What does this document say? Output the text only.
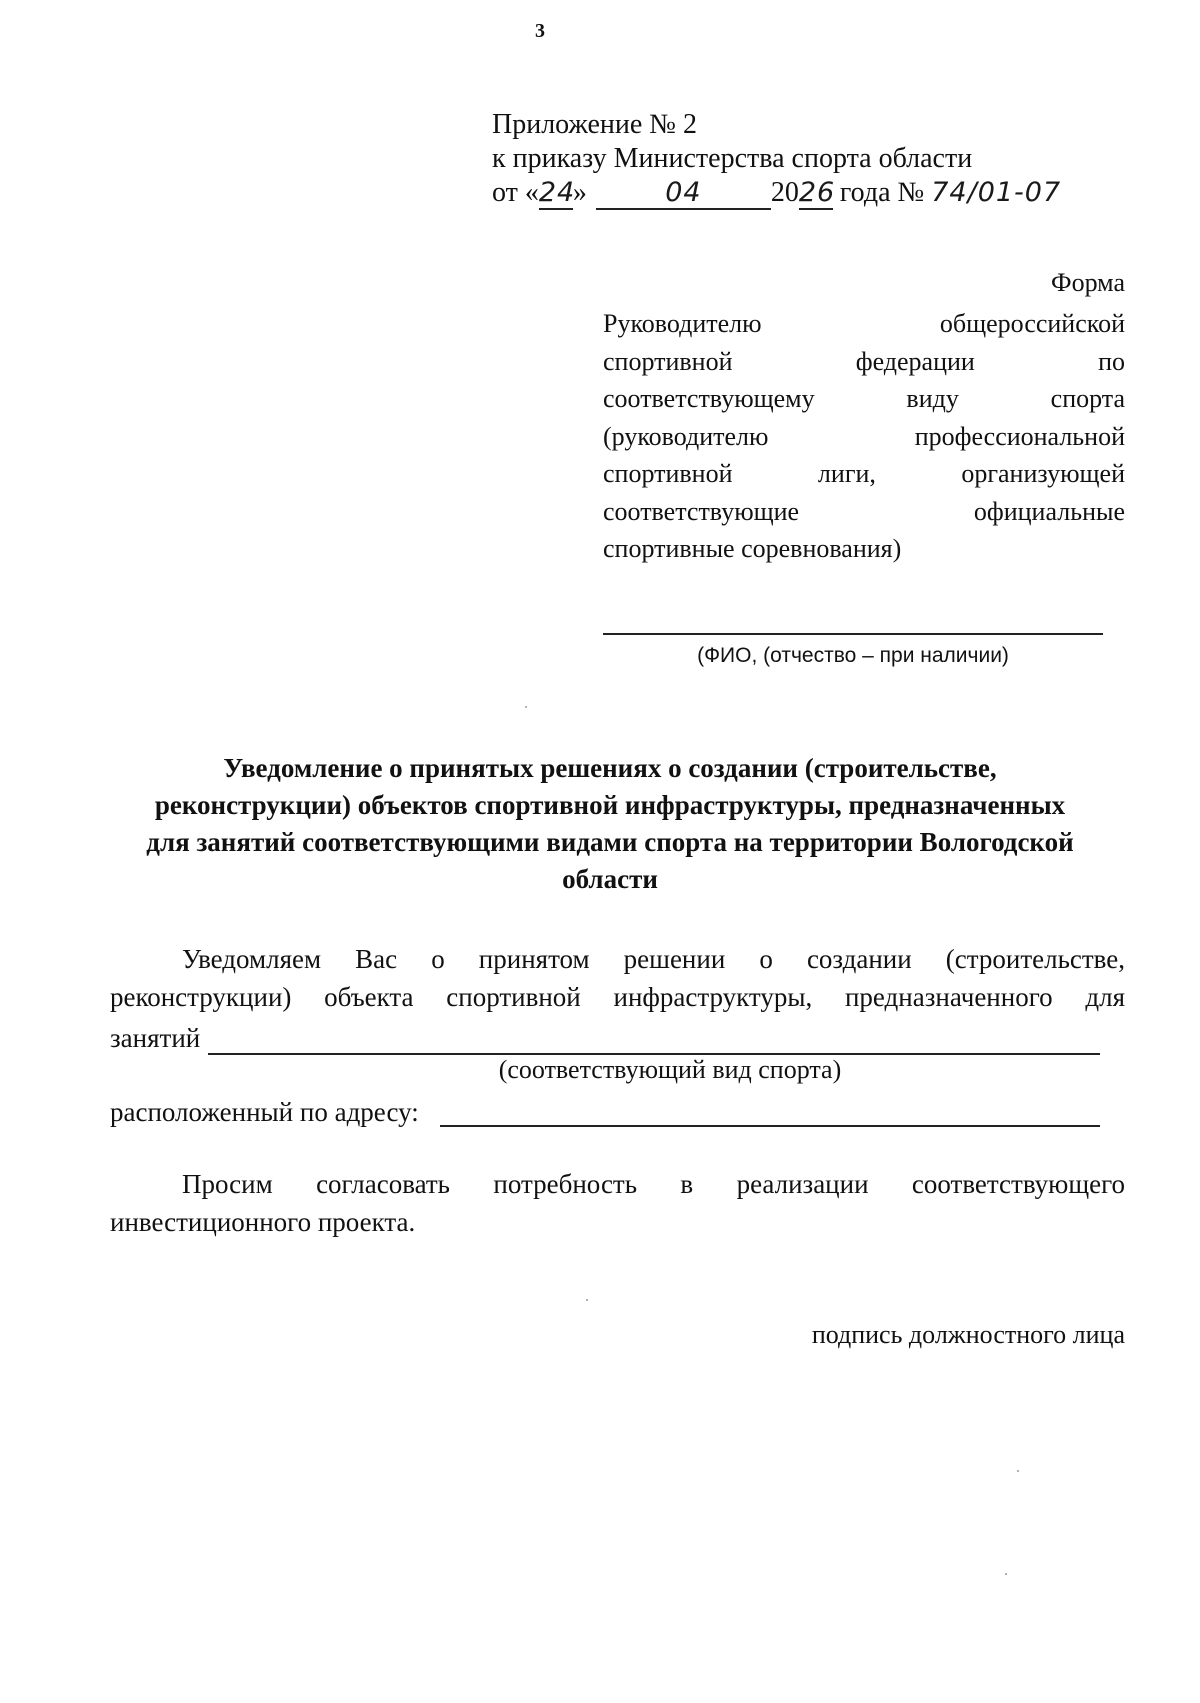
3
Приложение № 2
к приказу Министерства спорта области
от «24»	04 2026 года № 74/01-07
Форма
Руководителю общероссийской
спортивной федерации по
соответствующему виду спорта
(руководителю профессиональной
спортивной лиги, организующей
соответствующие официальные
спортивные соревнования)
(ФИО, (отчество – при наличии)
Уведомление о принятых решениях о создании (строительстве,
реконструкции) объектов спортивной инфраструктуры, предназначенных
для занятий соответствующими видами спорта на территории Вологодской
области
Уведомляем Вас о принятом решении о создании (строительстве,
реконструкции) объекта спортивной инфраструктуры, предназначенного для
занятий
(соответствующий вид спорта)
расположенный по адресу:
Просим согласовать потребность в реализации соответствующего
инвестиционного проекта.
подпись должностного лица
